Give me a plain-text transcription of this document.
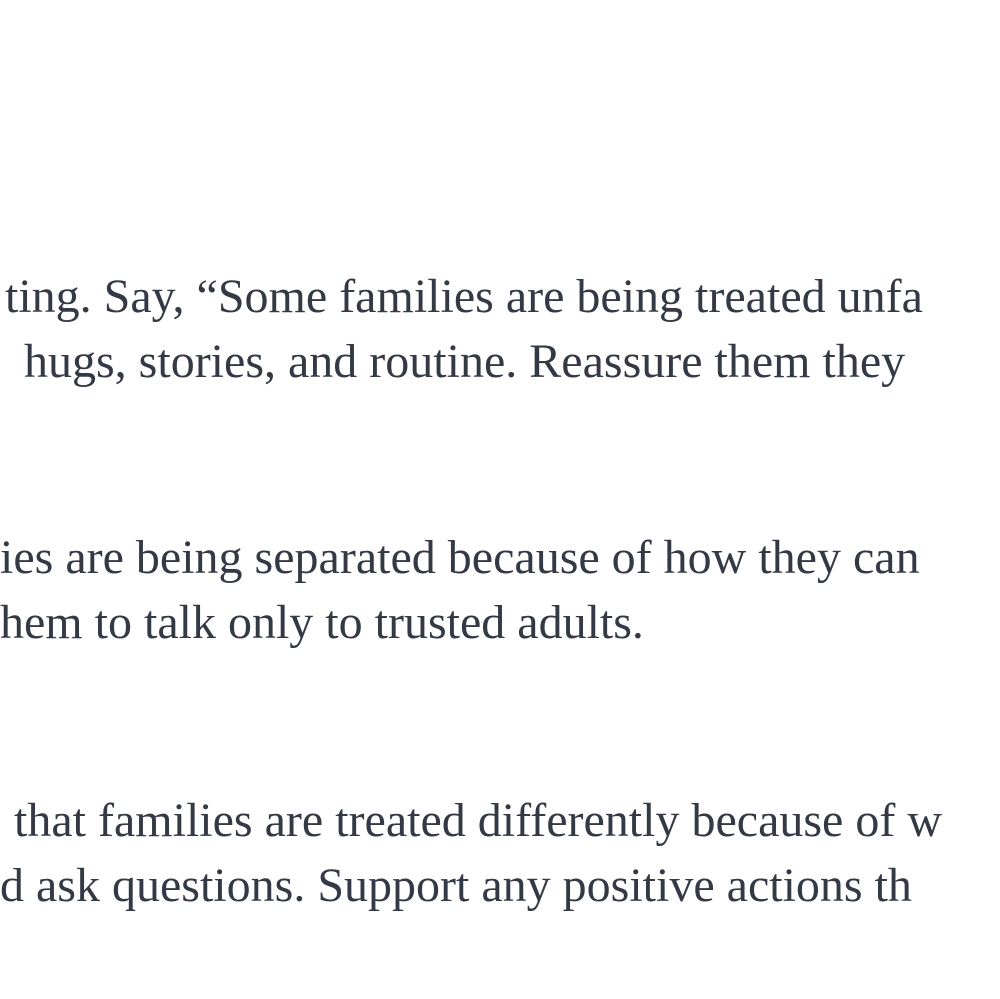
ting. Say, “Some families are being treated unfa
hugs, stories, and routine. Reassure them they
ies are being separated because of how they can
hem to talk only to trusted adults.
that families are treated differently because of w
d ask questions. Support any positive actions th
